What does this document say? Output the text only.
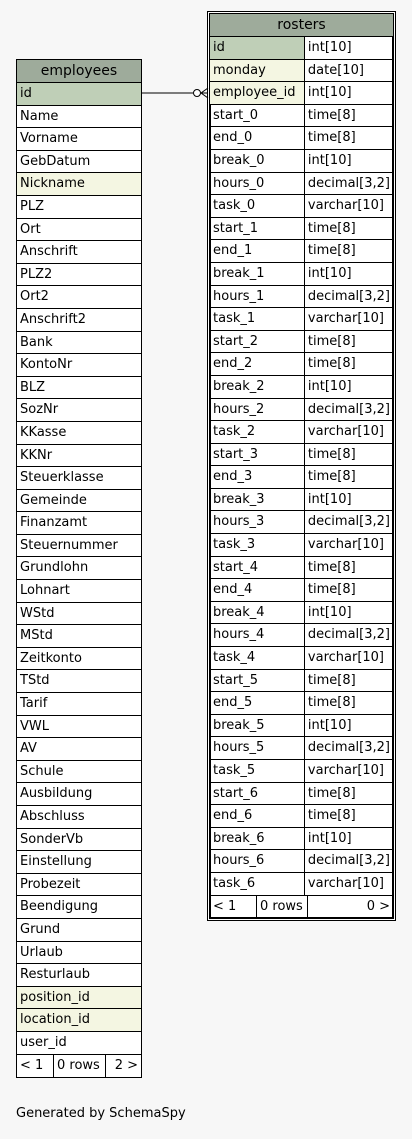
employees
id
Name
Vorname
GebDatum
Nickname
PLZ
Ort
Anschrift
PLZ2
Ort2
Anschrift2
Bank
KontoNr
BLZ
SozNr
KKasse
KKNr
Steuerklasse
Gemeinde
Finanzamt
Steuernummer
Grundlohn
Lohnart
WStd
MStd
Zeitkonto
TStd
Tarif
VWL
AV
Schule
Ausbildung
Abschluss
SonderVb
Einstellung
Probezeit
Beendigung
Grund
Urlaub
Resturlaub
position_id
location_id
user_id
< 1	0 rows	2 >
rosters
id	int[10]
monday	date[10]
employee_id int[10]
start_0	time[8]
end_0	time[8]
break_0	int[10]
hours_0	decimal[3,2]
task_0	varchar[10]
start_1	time[8]
end_1	time[8]
break_1	int[10]
hours_1	decimal[3,2]
task_1	varchar[10]
start_2	time[8]
end_2	time[8]
break_2	int[10]
hours_2	decimal[3,2]
task_2	varchar[10]
start_3	time[8]
end_3	time[8]
break_3	int[10]
hours_3	decimal[3,2]
task_3	varchar[10]
start_4	time[8]
end_4	time[8]
break_4	int[10]
hours_4	decimal[3,2]
task_4	varchar[10]
start_5	time[8]
end_5	time[8]
break_5	int[10]
hours_5	decimal[3,2]
task_5	varchar[10]
start_6	time[8]
end_6	time[8]
break_6	int[10]
hours_6	decimal[3,2]
task_6	varchar[10]
< 1	0 rows	0 >
Generated by SchemaSpy
